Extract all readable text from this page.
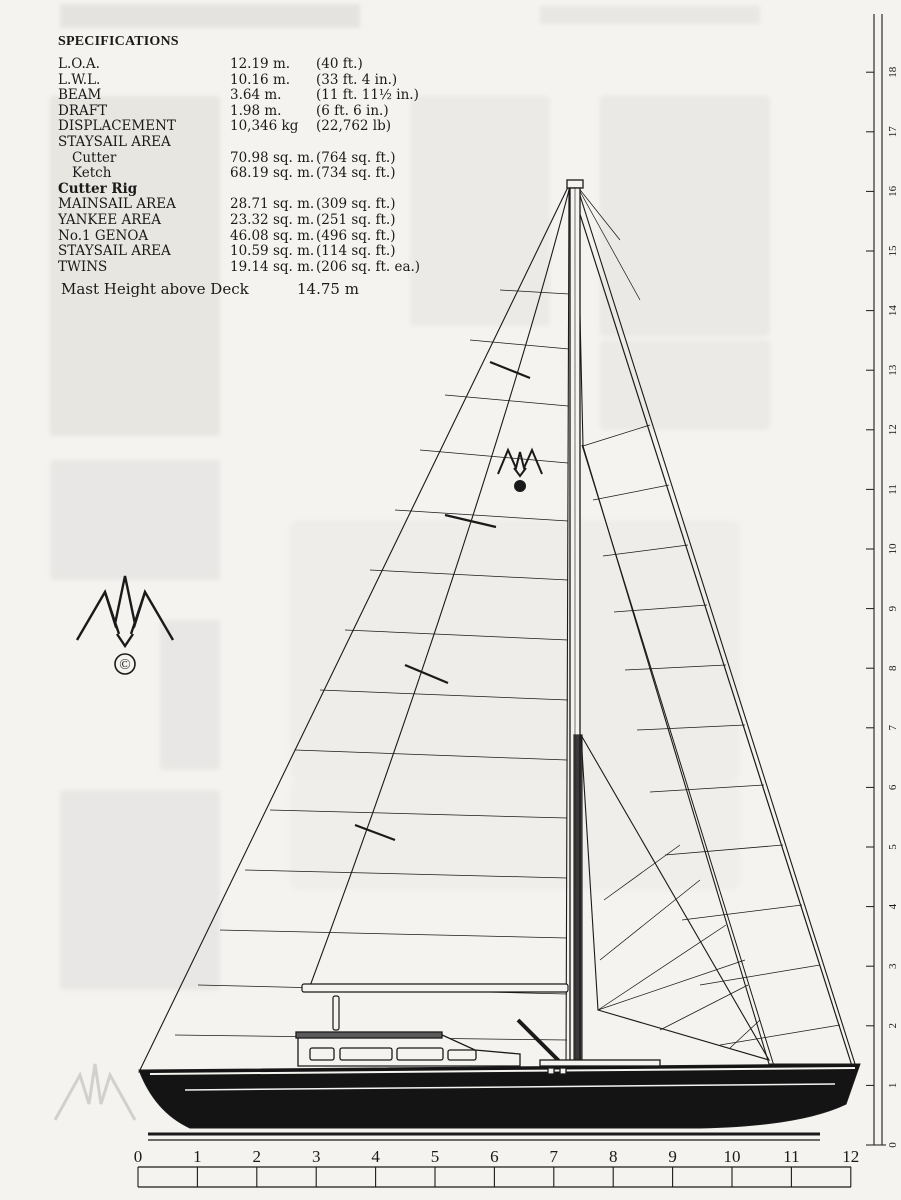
0
1
2
3
4
5
6
7
8
9
10
11
12
13
14
15
16
17
18
0	1	2	3	4	5	6	7	8	9	10	11	12
©
SPECIFICATIONS
L.O.A.	12.19 m.	(40 ft.)
L.W.L.	10.16 m.	(33 ft. 4 in.)
BEAM	3.64 m.	(11 ft. 11½ in.)
DRAFT	1.98 m.	(6 ft. 6 in.)
DISPLACEMENT	10,346 kg	(22,762 lb)
STAYSAIL AREA
Cutter	70.98 sq. m. (764 sq. ft.)
Ketch	68.19 sq. m. (734 sq. ft.)
Cutter Rig
MAINSAIL AREA	28.71 sq. m. (309 sq. ft.)
YANKEE AREA	23.32 sq. m. (251 sq. ft.)
No.1 GENOA	46.08 sq. m. (496 sq. ft.)
STAYSAIL AREA	10.59 sq. m. (114 sq. ft.)
TWINS	19.14 sq. m. (206 sq. ft. ea.)
Mast Height above Deck	14.75 m
